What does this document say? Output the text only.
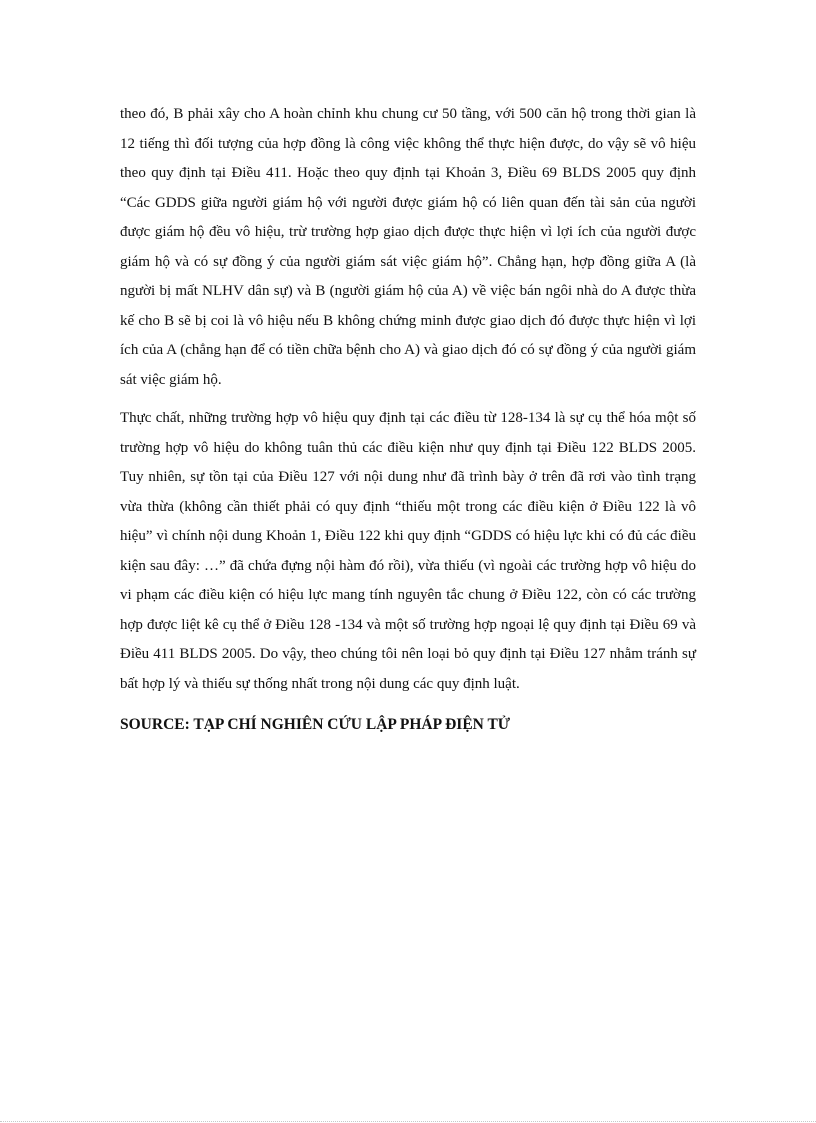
theo đó, B phải xây cho A hoàn chỉnh khu chung cư 50 tầng, với 500 căn hộ trong thời gian là 12 tiếng thì đối tượng của hợp đồng là công việc không thể thực hiện được, do vậy sẽ vô hiệu theo quy định tại Điều 411. Hoặc theo quy định tại Khoản 3, Điều 69 BLDS 2005 quy định “Các GDDS giữa người giám hộ với người được giám hộ có liên quan đến tài sản của người được giám hộ đều vô hiệu, trừ trường hợp giao dịch được thực hiện vì lợi ích của người được giám hộ và có sự đồng ý của người giám sát việc giám hộ”. Chẳng hạn, hợp đồng giữa A (là người bị mất NLHV dân sự) và B (người giám hộ của A) về việc bán ngôi nhà do A được thừa kế cho B sẽ bị coi là vô hiệu nếu B không chứng minh được giao dịch đó được thực hiện vì lợi ích của A (chẳng hạn để có tiền chữa bệnh cho A) và giao dịch đó có sự đồng ý của người giám sát việc giám hộ.

Thực chất, những trường hợp vô hiệu quy định tại các điều từ 128-134 là sự cụ thể hóa một số trường hợp vô hiệu do không tuân thủ các điều kiện như quy định tại Điều 122 BLDS 2005. Tuy nhiên, sự tồn tại của Điều 127 với nội dung như đã trình bày ở trên đã rơi vào tình trạng vừa thừa (không cần thiết phải có quy định “thiếu một trong các điều kiện ở Điều 122 là vô hiệu” vì chính nội dung Khoản 1, Điều 122 khi quy định “GDDS có hiệu lực khi có đủ các điều kiện sau đây: …” đã chứa đựng nội hàm đó rồi), vừa thiếu (vì ngoài các trường hợp vô hiệu do vi phạm các điều kiện có hiệu lực mang tính nguyên tắc chung ở Điều 122, còn có các trường hợp được liệt kê cụ thể ở Điều 128 -134 và một số trường hợp ngoại lệ quy định tại Điều 69 và Điều 411 BLDS 2005. Do vậy, theo chúng tôi nên loại bỏ quy định tại Điều 127 nhằm tránh sự bất hợp lý và thiếu sự thống nhất trong nội dung các quy định luật.

SOURCE: TẠP CHÍ NGHIÊN CỨU LẬP PHÁP ĐIỆN TỬ
